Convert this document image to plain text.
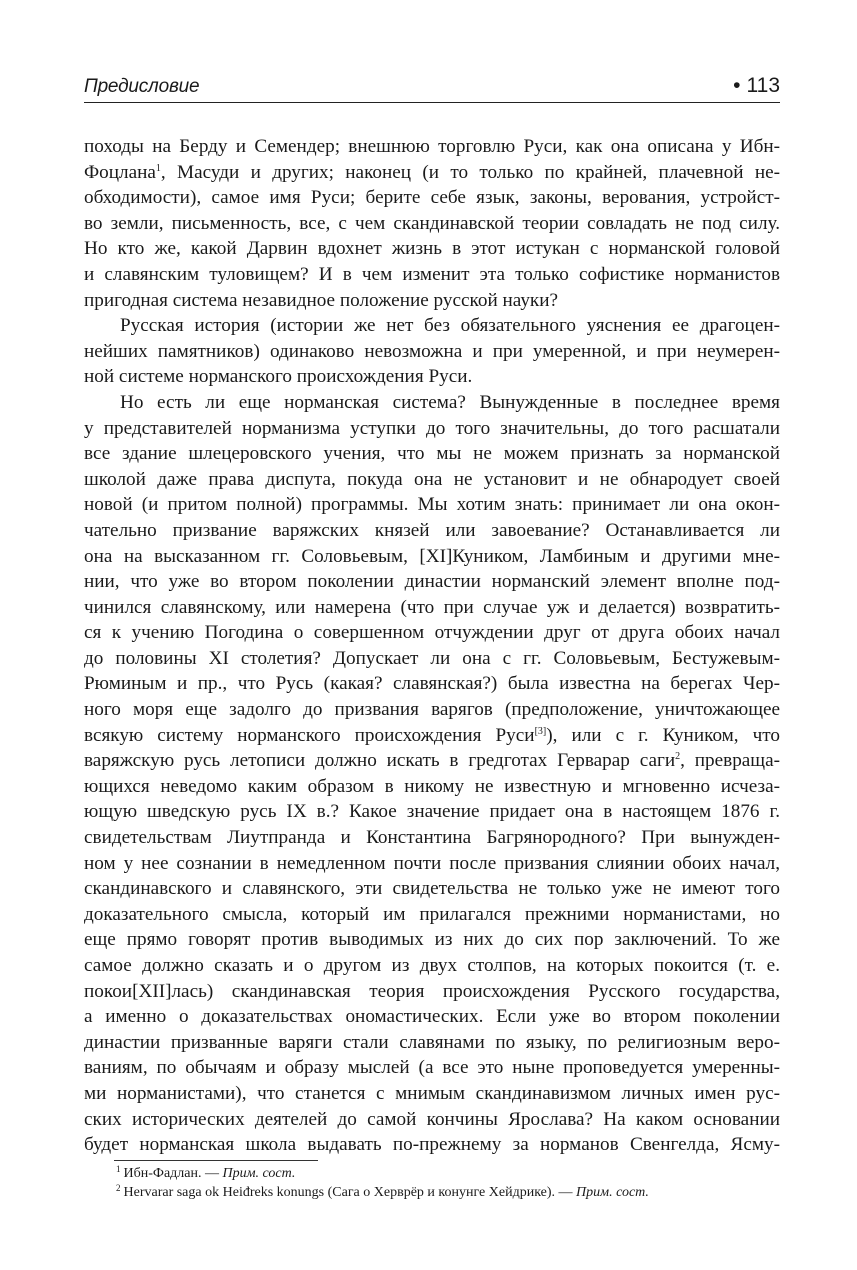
Предисловие	• 113
походы на Берду и Семендер; внешнюю торговлю Руси, как она описана у Ибн-
Фоцлана$^1$, Масуди и других; наконец (и то только по крайней, плачевной не-
обходимости), самое имя Руси; берите себе язык, законы, верования, устройст-
во земли, письменность, все, с чем скандинавской теории совладать не под силу.
Но кто же, какой Дарвин вдохнет жизнь в этот истукан с норманской головой
и славянским туловищем? И в чем изменит эта только софистике норманистов
пригодная система незавидное положение русской науки?
Русская история (истории же нет без обязательного уяснения ее драгоцен-
нейших памятников) одинаково невозможна и при умеренной, и при неумерен-
ной системе норманского происхождения Руси.
Но есть ли еще норманская система? Вынужденные в последнее время
у представителей норманизма уступки до того значительны, до того расшатали
все здание шлецеровского учения, что мы не можем признать за норманской
школой даже права диспута, покуда она не установит и не обнародует своей
новой (и притом полной) программы. Мы хотим знать: принимает ли она окон-
чательно призвание варяжских князей или завоевание? Останавливается ли
она на высказанном гг. Соловьевым, [XI]Куником, Ламбиным и другими мне-
нии, что уже во втором поколении династии норманский элемент вполне под-
чинился славянскому, или намерена (что при случае уж и делается) возвратить-
ся к учению Погодина о совершенном отчуждении друг от друга обоих начал
до половины XI столетия? Допускает ли она с гг. Соловьевым, Бестужевым-
Рюминым и пр., что Русь (какая? славянская?) была известна на берегах Чер-
ного моря еще задолго до призвания варягов (предположение, уничтожающее
всякую систему норманского происхождения Руси[3]), или с г. Куником, что
варяжскую русь летописи должно искать в гредготах Герварар саги$^2$, превраща-
ющихся неведомо каким образом в никому не известную и мгновенно исчеза-
ющую шведскую русь IX в.? Какое значение придает она в настоящем 1876 г.
свидетельствам Лиутпранда и Константина Багрянородного? При вынужден-
ном у нее сознании в немедленном почти после призвания слиянии обоих начал,
скандинавского и славянского, эти свидетельства не только уже не имеют того
доказательного смысла, который им прилагался прежними норманистами, но
еще прямо говорят против выводимых из них до сих пор заключений. То же
самое должно сказать и о другом из двух столпов, на которых покоится (т. е.
покои[XII]лась) скандинавская теория происхождения Русского государства,
а именно о доказательствах ономастических. Если уже во втором поколении
династии призванные варяги стали славянами по языку, по религиозным веро-
ваниям, по обычаям и образу мыслей (а все это ныне проповедуется умеренны-
ми норманистами), что станется с мнимым скандинавизмом личных имен рус-
ских исторических деятелей до самой кончины Ярослава? На каком основании
будет норманская школа выдавать по-прежнему за норманов Свенгелда, Ясму-
$^1$ Ибн-Фадлан. — Прим. сост.
$^2$ Hervarar saga ok Heiđreks konungs (Сага о Херврёр и конунге Хейдрике). — Прим. сост.
